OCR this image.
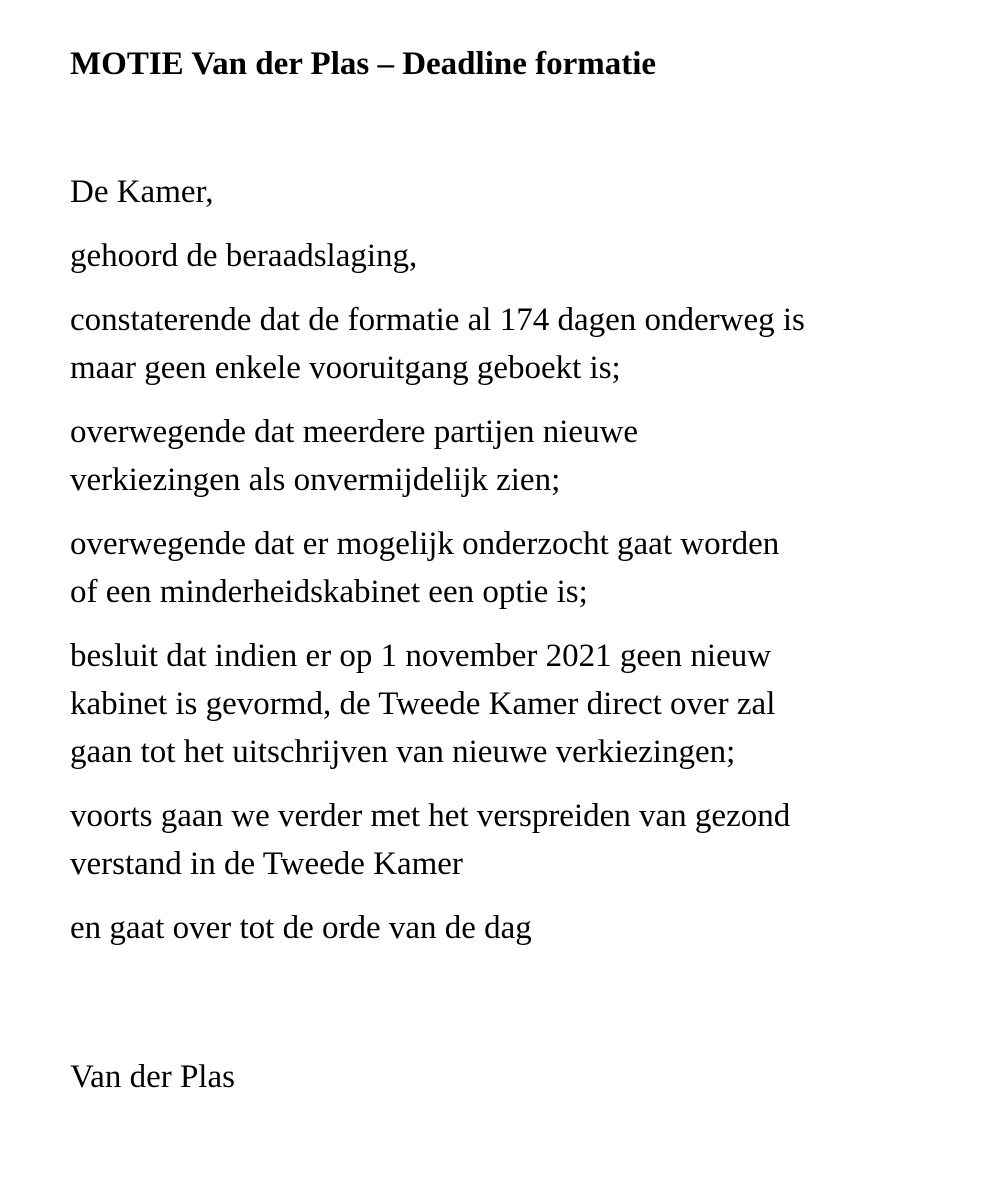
MOTIE Van der Plas – Deadline formatie

De Kamer,

gehoord de beraadslaging,

constaterende dat de formatie al 174 dagen onderweg is
maar geen enkele vooruitgang geboekt is;

overwegende dat meerdere partijen nieuwe
verkiezingen als onvermijdelijk zien;

overwegende dat er mogelijk onderzocht gaat worden
of een minderheidskabinet een optie is;

besluit dat indien er op 1 november 2021 geen nieuw
kabinet is gevormd, de Tweede Kamer direct over zal
gaan tot het uitschrijven van nieuwe verkiezingen;

voorts gaan we verder met het verspreiden van gezond
verstand in de Tweede Kamer

en gaat over tot de orde van de dag

Van der Plas
